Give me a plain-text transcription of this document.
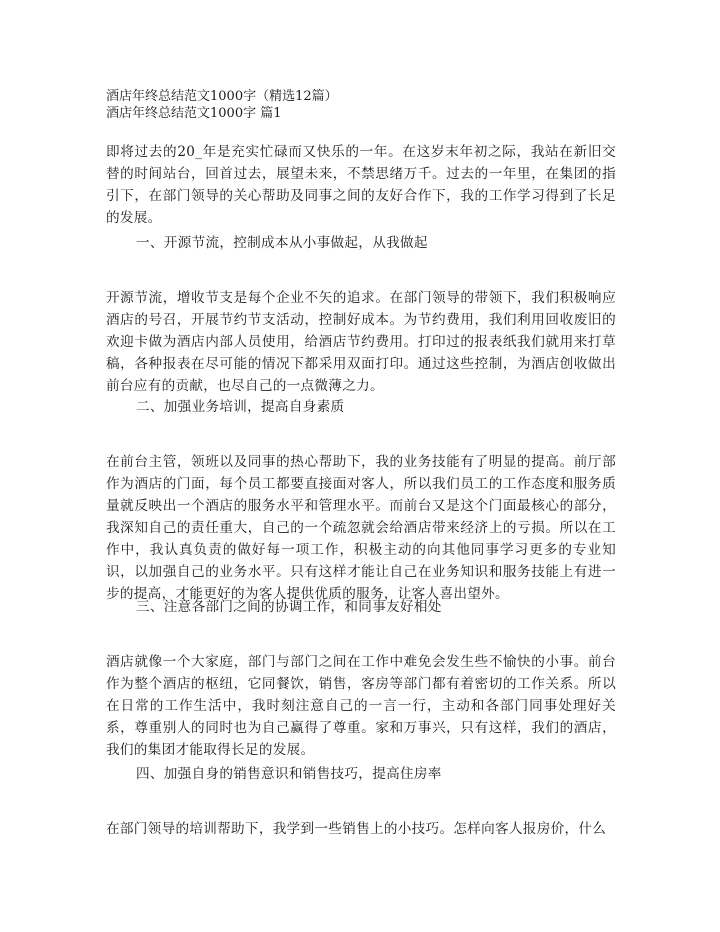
酒店年终总结范文1000字（精选12篇）
酒店年终总结范文1000字 篇1

即将过去的20_年是充实忙碌而又快乐的一年。在这岁末年初之际，我站在新旧交替的时间站台，回首过去，展望未来，不禁思绪万千。过去的一年里，在集团的指引下，在部门领导的关心帮助及同事之间的友好合作下，我的工作学习得到了长足的发展。

一、开源节流，控制成本从小事做起，从我做起

开源节流，增收节支是每个企业不矢的追求。在部门领导的带领下，我们积极响应酒店的号召，开展节约节支活动，控制好成本。为节约费用，我们利用回收废旧的欢迎卡做为酒店内部人员使用，给酒店节约费用。打印过的报表纸我们就用来打草稿，各种报表在尽可能的情况下都采用双面打印。通过这些控制，为酒店创收做出前台应有的贡献，也尽自己的一点微薄之力。

二、加强业务培训，提高自身素质

在前台主管，领班以及同事的热心帮助下，我的业务技能有了明显的提高。前厅部作为酒店的门面，每个员工都要直接面对客人，所以我们员工的工作态度和服务质量就反映出一个酒店的服务水平和管理水平。而前台又是这个门面最核心的部分，我深知自己的责任重大，自己的一个疏忽就会给酒店带来经济上的亏损。所以在工作中，我认真负责的做好每一项工作，积极主动的向其他同事学习更多的专业知识，以加强自己的业务水平。只有这样才能让自己在业务知识和服务技能上有进一步的提高，才能更好的为客人提供优质的服务，让客人喜出望外。

三、注意各部门之间的协调工作，和同事友好相处

酒店就像一个大家庭，部门与部门之间在工作中难免会发生些不愉快的小事。前台作为整个酒店的枢纽，它同餐饮，销售，客房等部门都有着密切的工作关系。所以在日常的工作生活中，我时刻注意自己的一言一行，主动和各部门同事处理好关系，尊重别人的同时也为自己赢得了尊重。家和万事兴，只有这样，我们的酒店，我们的集团才能取得长足的发展。

四、加强自身的销售意识和销售技巧，提高住房率

在部门领导的培训帮助下，我学到一些销售上的小技巧。怎样向客人报房价，什么
